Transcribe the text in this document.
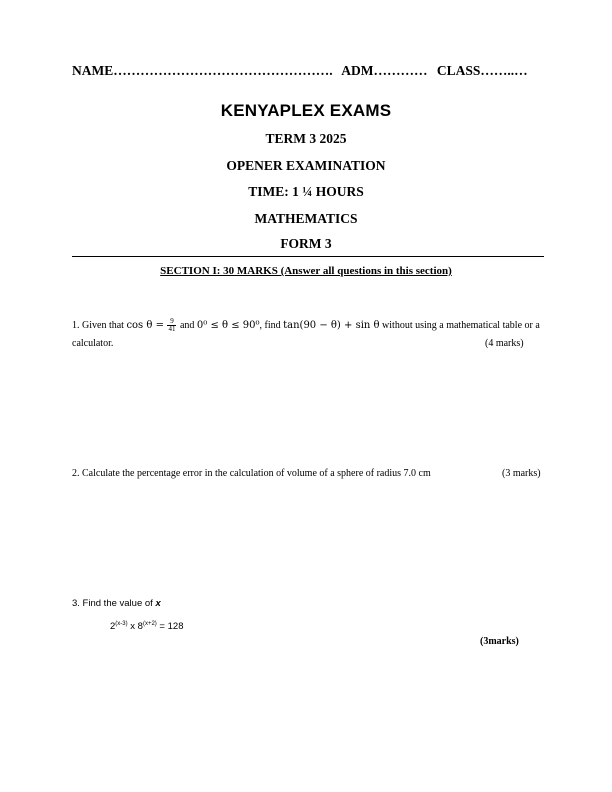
NAME…………………………………………. ADM………… CLASS……..…
KENYAPLEX EXAMS
TERM 3 2025
OPENER EXAMINATION
TIME: 1 ¼ HOURS
MATHEMATICS
FORM 3
SECTION I: 30 MARKS (Answer all questions in this section)
1. Given that $\cos \theta = \frac{9}{41}$ and 0⁰ ≤ θ ≤ 90⁰, find tan(90 − θ) + sin θ without using a mathematical table or a
calculator.	(4 marks)
2. Calculate the percentage error in the calculation of volume of a sphere of radius 7.0 cm	(3 marks)
3. Find the value of x
2$^{(x-3)}$ x $8^{(x+2)} = 128$
(3marks)
